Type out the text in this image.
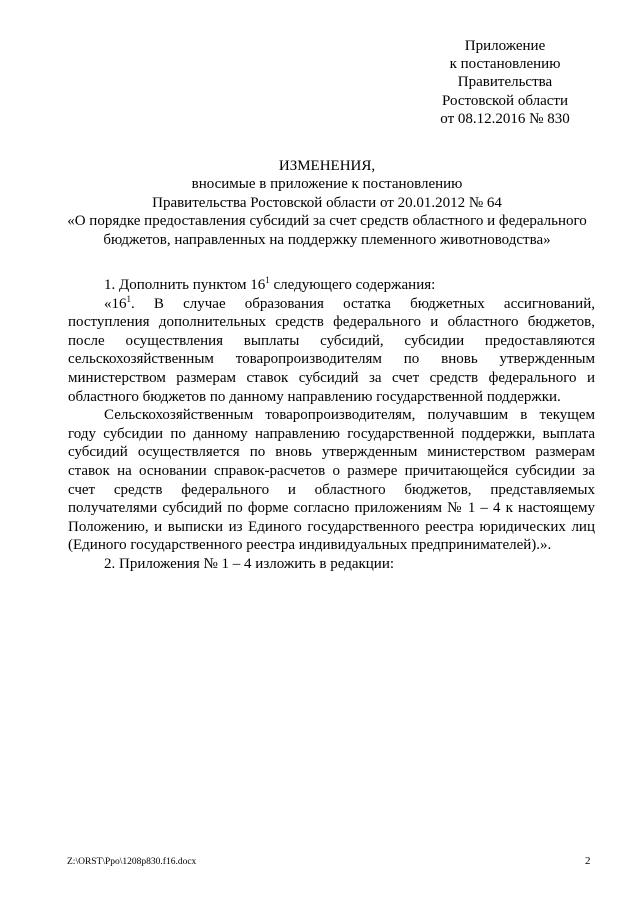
Приложение
к постановлению
Правительства
Ростовской области
от 08.12.2016 № 830
ИЗМЕНЕНИЯ,
вносимые в приложение к постановлению
Правительства Ростовской области от 20.01.2012 № 64
«О порядке предоставления субсидий за счет средств областного и федерального
бюджетов, направленных на поддержку племенного животноводства»
1. Дополнить пунктом $16^1$ следующего содержания:
«$16^1$. В случае образования остатка бюджетных ассигнований,
поступления дополнительных средств федерального и областного бюджетов,
после осуществления выплаты субсидий, субсидии предоставляются
сельскохозяйственным товаропроизводителям по вновь утвержденным
министерством размерам ставок субсидий за счет средств федерального и
областного бюджетов по данному направлению государственной поддержки.
Сельскохозяйственным товаропроизводителям, получавшим в текущем
году субсидии по данному направлению государственной поддержки, выплата
субсидий осуществляется по вновь утвержденным министерством размерам
ставок на основании справок-расчетов о размере причитающейся субсидии за
счет средств федерального и областного бюджетов, представляемых
получателями субсидий по форме согласно приложениям № 1 – 4 к настоящему
Положению, и выписки из Единого государственного реестра юридических лиц
(Единого государственного реестра индивидуальных предпринимателей).».
2. Приложения № 1 – 4 изложить в редакции:
Z:\ORST\Ppo\1208p830.f16.docx	2
